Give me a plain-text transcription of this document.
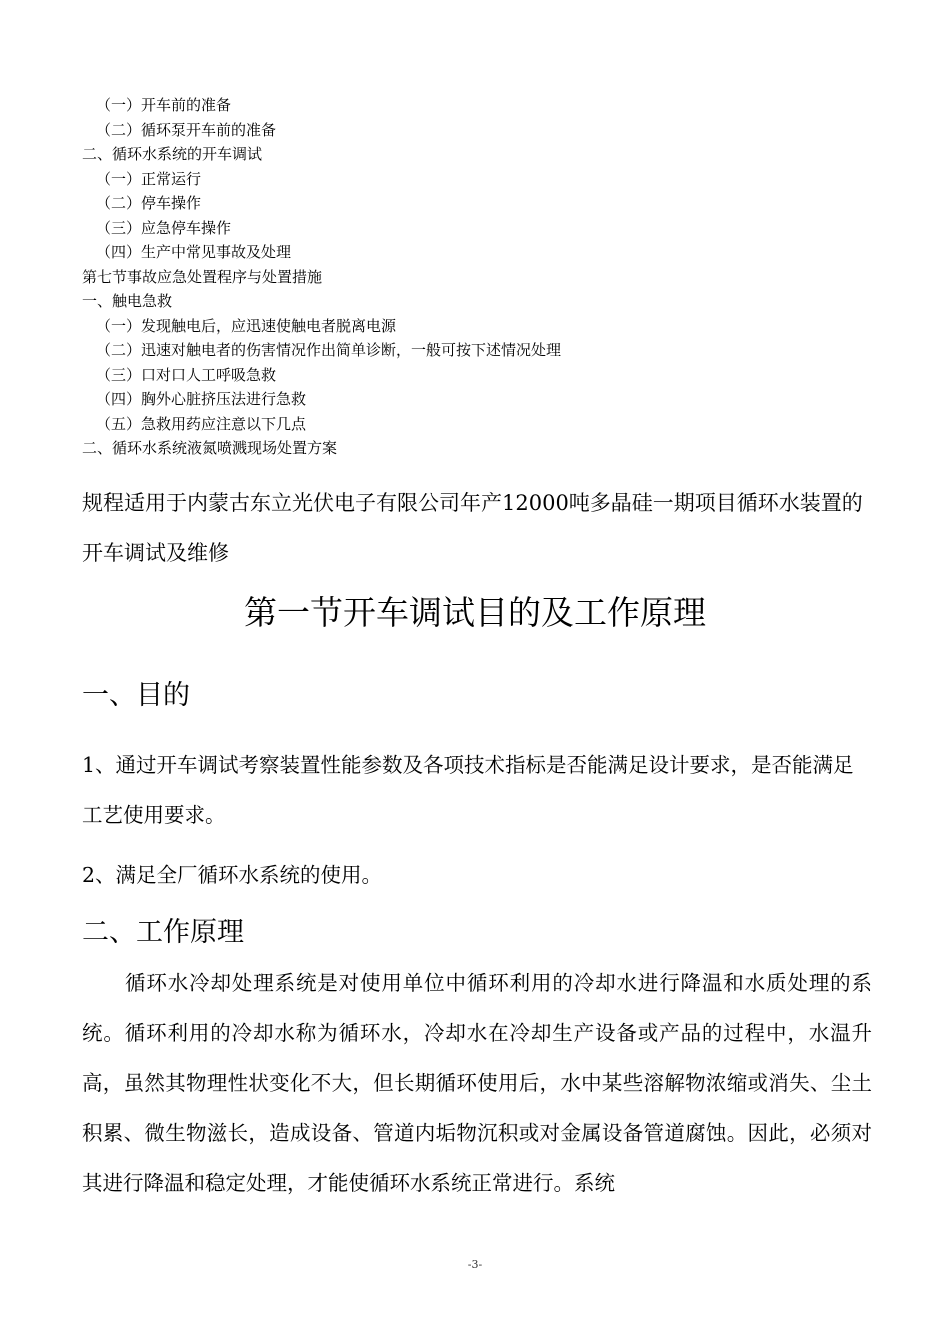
（一）开车前的准备
（二）循环泵开车前的准备
二、循环水系统的开车调试
（一）正常运行
（二）停车操作
（三）应急停车操作
（四）生产中常见事故及处理
第七节事故应急处置程序与处置措施
一、触电急救
（一）发现触电后，应迅速使触电者脱离电源
（二）迅速对触电者的伤害情况作出简单诊断，一般可按下述情况处理
（三）口对口人工呼吸急救
（四）胸外心脏挤压法进行急救
（五）急救用药应注意以下几点
二、循环水系统液氮喷溅现场处置方案
规程适用于内蒙古东立光伏电子有限公司年产12000吨多晶硅一期项目循环水装置的开车调试及维修
第一节开车调试目的及工作原理
一、目的
1、通过开车调试考察装置性能参数及各项技术指标是否能满足设计要求，是否能满足工艺使用要求。
2、满足全厂循环水系统的使用。
二、工作原理
循环水冷却处理系统是对使用单位中循环利用的冷却水进行降温和水质处理的系统。循环利用的冷却水称为循环水，冷却水在冷却生产设备或产品的过程中，水温升高，虽然其物理性状变化不大，但长期循环使用后，水中某些溶解物浓缩或消失、尘土积累、微生物滋长，造成设备、管道内垢物沉积或对金属设备管道腐蚀。因此，必须对其进行降温和稳定处理，才能使循环水系统正常进行。系统
-3-
